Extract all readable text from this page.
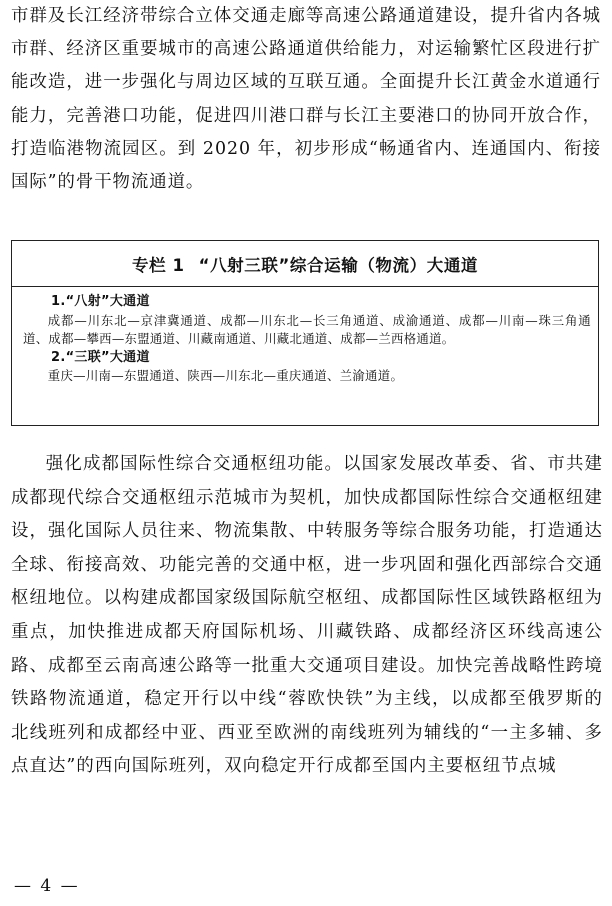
市群及长江经济带综合立体交通走廊等高速公路通道建设，提升省内各城市群、经济区重要城市的高速公路通道供给能力，对运输繁忙区段进行扩能改造，进一步强化与周边区域的互联互通。全面提升长江黄金水道通行能力，完善港口功能，促进四川港口群与长江主要港口的协同开放合作，打造临港物流园区。到 2020 年，初步形成“畅通省内、连通国内、衔接国际”的骨干物流通道。

专栏 1 “八射三联”综合运输（物流）大通道
1.“八射”大通道

成都—川东北—京津冀通道、成都—川东北—长三角通道、成渝通道、成都—川南—珠三角通道、成都—攀西—东盟通道、川藏南通道、川藏北通道、成都—兰西格通道。

2.“三联”大通道

重庆—川南—东盟通道、陕西—川东北—重庆通道、兰渝通道。

强化成都国际性综合交通枢纽功能。以国家发展改革委、省、市共建成都现代综合交通枢纽示范城市为契机，加快成都国际性综合交通枢纽建设，强化国际人员往来、物流集散、中转服务等综合服务功能，打造通达全球、衔接高效、功能完善的交通中枢，进一步巩固和强化西部综合交通枢纽地位。以构建成都国家级国际航空枢纽、成都国际性区域铁路枢纽为重点，加快推进成都天府国际机场、川藏铁路、成都经济区环线高速公路、成都至云南高速公路等一批重大交通项目建设。加快完善战略性跨境铁路物流通道，稳定开行以中线“蓉欧快铁”为主线，以成都至俄罗斯的北线班列和成都经中亚、西亚至欧洲的南线班列为辅线的“一主多辅、多点直达”的西向国际班列，双向稳定开行成都至国内主要枢纽节点城

— 4 —
